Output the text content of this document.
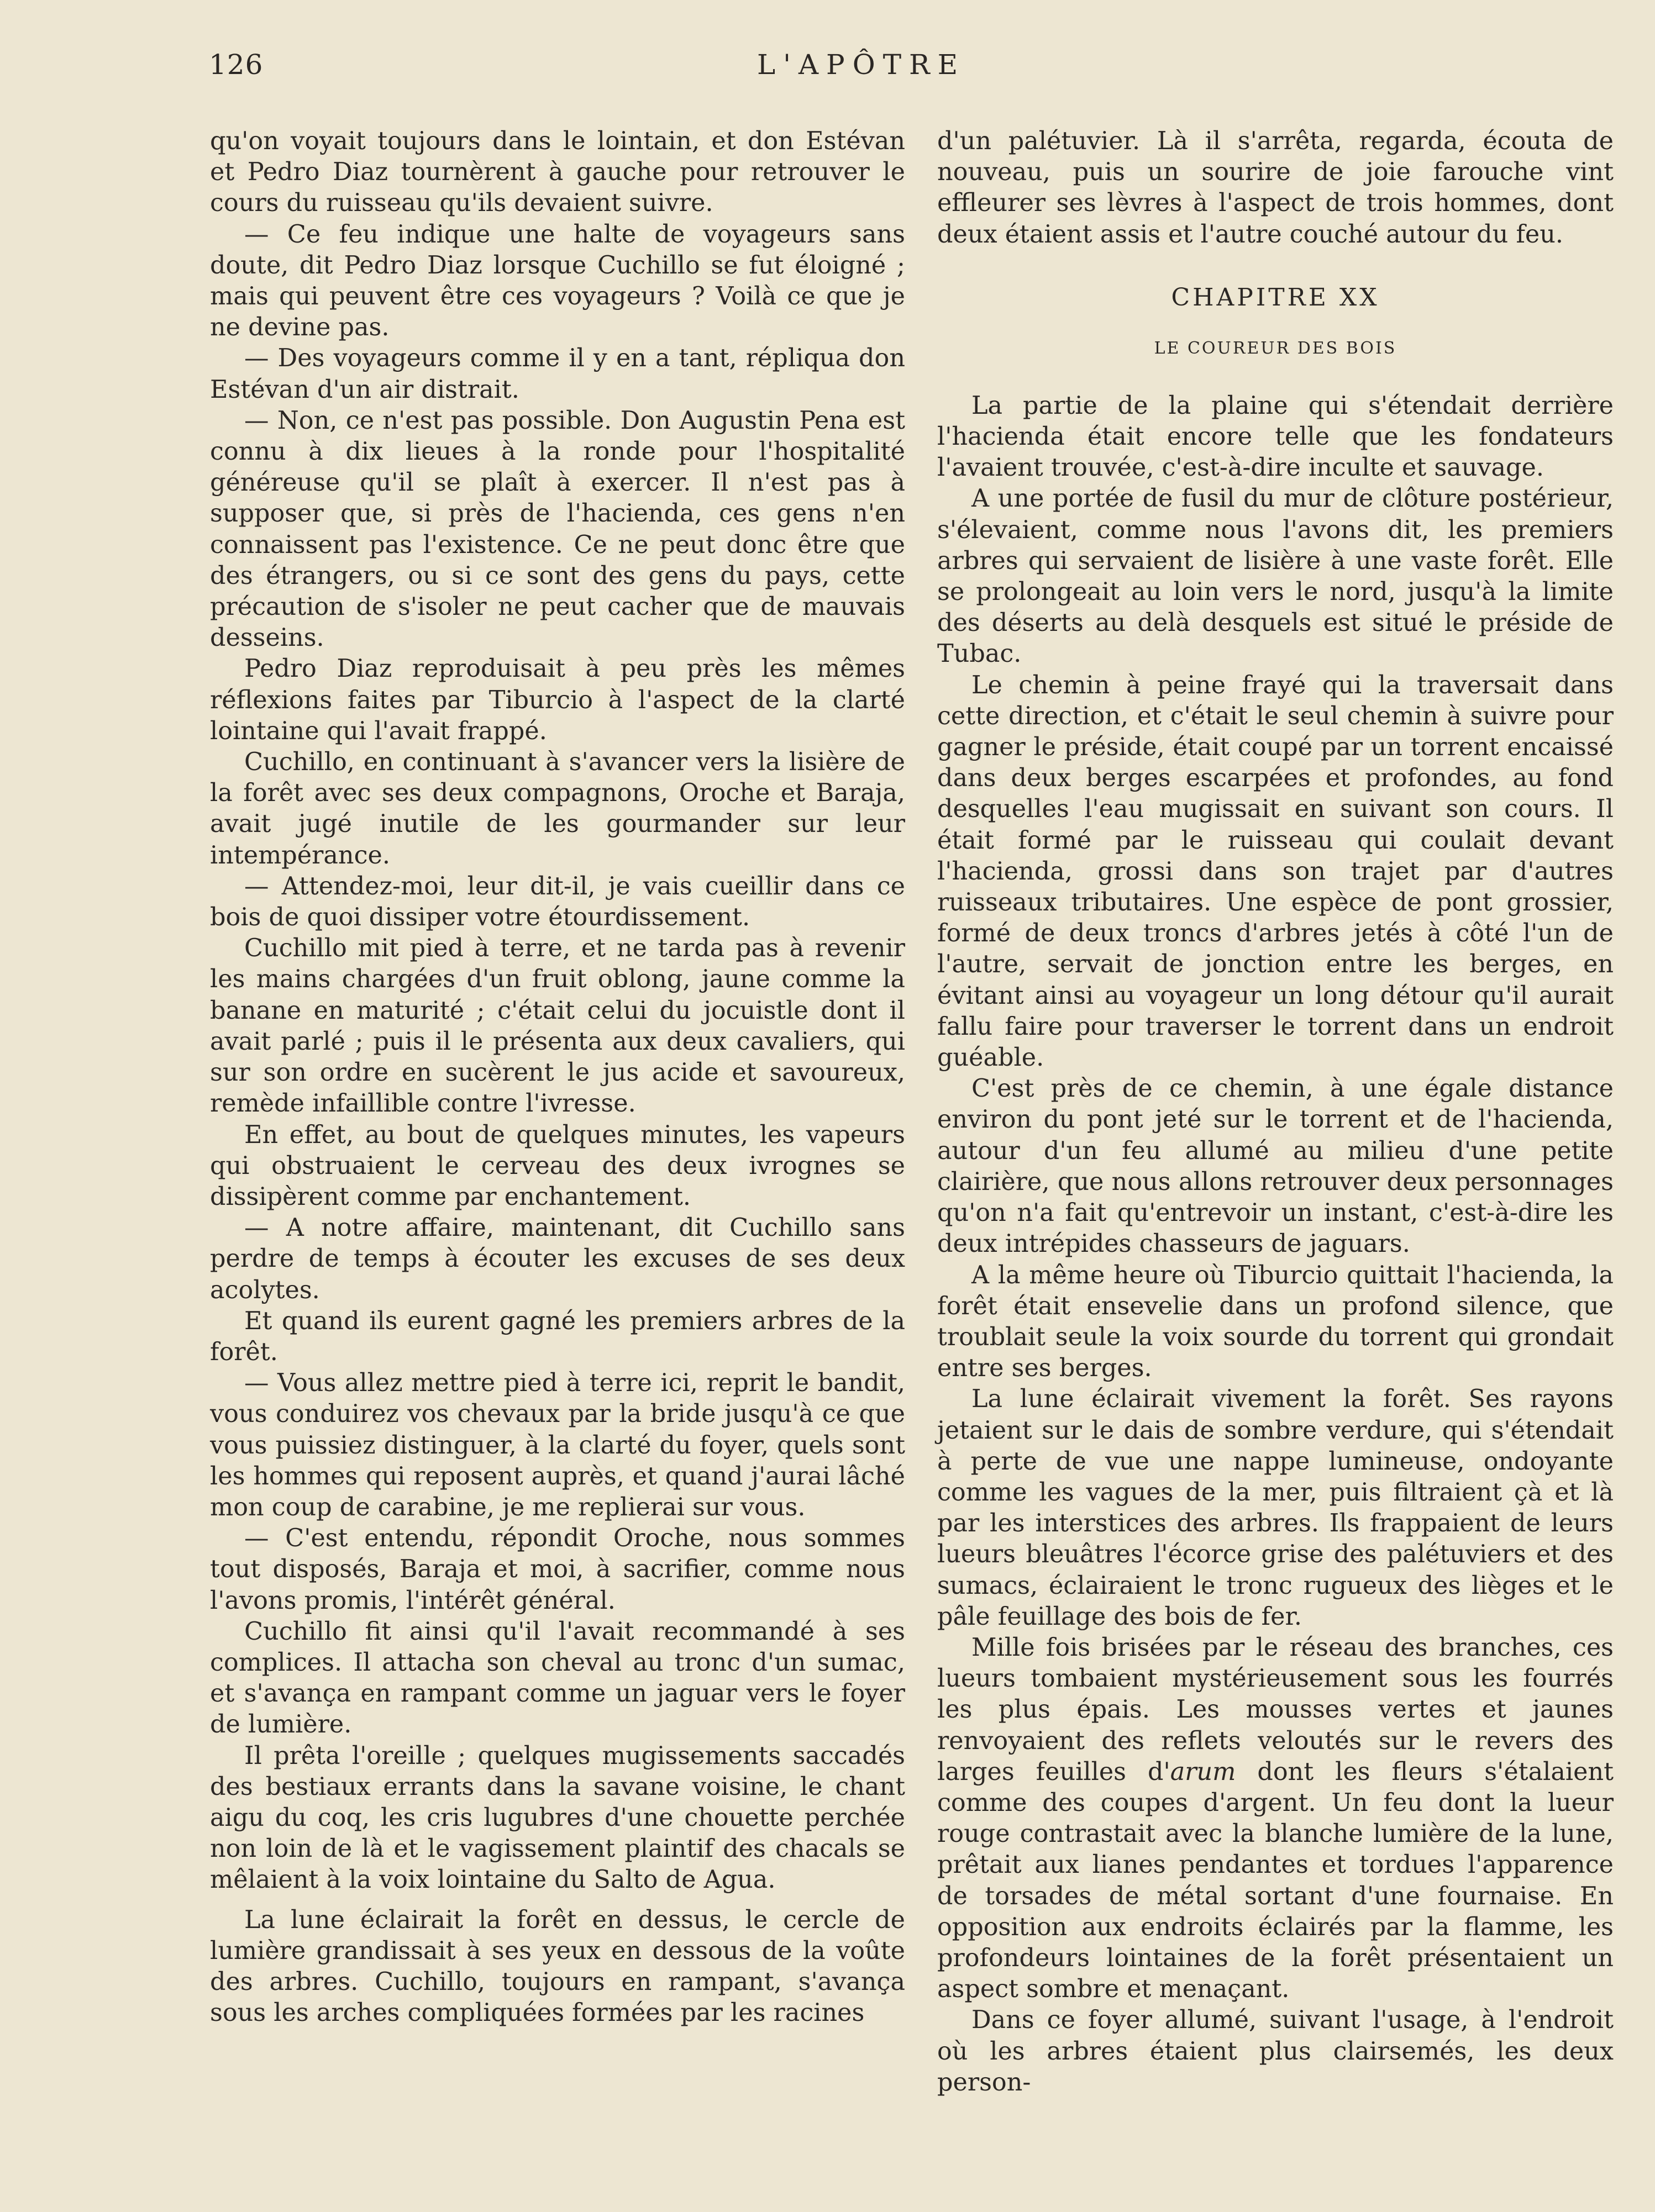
126	L'APÔTRE

qu'on voyait toujours dans le lointain, et don Estévan et Pedro Diaz tournèrent à gauche pour retrouver le cours du ruisseau qu'ils devaient suivre.

— Ce feu indique une halte de voyageurs sans doute, dit Pedro Diaz lorsque Cuchillo se fut éloigné ; mais qui peuvent être ces voyageurs ? Voilà ce que je ne devine pas.

— Des voyageurs comme il y en a tant, répliqua don Estévan d'un air distrait.

— Non, ce n'est pas possible. Don Augustin Pena est connu à dix lieues à la ronde pour l'hospitalité généreuse qu'il se plaît à exercer. Il n'est pas à supposer que, si près de l'hacienda, ces gens n'en connaissent pas l'existence. Ce ne peut donc être que des étrangers, ou si ce sont des gens du pays, cette précaution de s'isoler ne peut cacher que de mauvais desseins.

Pedro Diaz reproduisait à peu près les mêmes réflexions faites par Tiburcio à l'aspect de la clarté lointaine qui l'avait frappé.

Cuchillo, en continuant à s'avancer vers la lisière de la forêt avec ses deux compagnons, Oroche et Baraja, avait jugé inutile de les gourmander sur leur intempérance.

— Attendez-moi, leur dit-il, je vais cueillir dans ce bois de quoi dissiper votre étourdissement.

Cuchillo mit pied à terre, et ne tarda pas à revenir les mains chargées d'un fruit oblong, jaune comme la banane en maturité ; c'était celui du jocuistle dont il avait parlé ; puis il le présenta aux deux cavaliers, qui sur son ordre en sucèrent le jus acide et savoureux, remède infaillible contre l'ivresse.

En effet, au bout de quelques minutes, les vapeurs qui obstruaient le cerveau des deux ivrognes se dissipèrent comme par enchantement.

— A notre affaire, maintenant, dit Cuchillo sans perdre de temps à écouter les excuses de ses deux acolytes.

Et quand ils eurent gagné les premiers arbres de la forêt.

— Vous allez mettre pied à terre ici, reprit le bandit, vous conduirez vos chevaux par la bride jusqu'à ce que vous puissiez distinguer, à la clarté du foyer, quels sont les hommes qui reposent auprès, et quand j'aurai lâché mon coup de carabine, je me replierai sur vous.

— C'est entendu, répondit Oroche, nous sommes tout disposés, Baraja et moi, à sacrifier, comme nous l'avons promis, l'intérêt général.

Cuchillo fit ainsi qu'il l'avait recommandé à ses complices. Il attacha son cheval au tronc d'un sumac, et s'avança en rampant comme un jaguar vers le foyer de lumière.

Il prêta l'oreille ; quelques mugissements saccadés des bestiaux errants dans la savane voisine, le chant aigu du coq, les cris lugubres d'une chouette perchée non loin de là et le vagissement plaintif des chacals se mêlaient à la voix lointaine du Salto de Agua.

La lune éclairait la forêt en dessus, le cercle de lumière grandissait à ses yeux en dessous de la voûte des arbres. Cuchillo, toujours en rampant, s'avança sous les arches compliquées formées par les racines

d'un palétuvier. Là il s'arrêta, regarda, écouta de nouveau, puis un sourire de joie farouche vint effleurer ses lèvres à l'aspect de trois hommes, dont deux étaient assis et l'autre couché autour du feu.

CHAPITRE XX
LE COUREUR DES BOIS

La partie de la plaine qui s'étendait derrière l'hacienda était encore telle que les fondateurs l'avaient trouvée, c'est-à-dire inculte et sauvage.

A une portée de fusil du mur de clôture postérieur, s'élevaient, comme nous l'avons dit, les premiers arbres qui servaient de lisière à une vaste forêt. Elle se prolongeait au loin vers le nord, jusqu'à la limite des déserts au delà desquels est situé le préside de Tubac.

Le chemin à peine frayé qui la traversait dans cette direction, et c'était le seul chemin à suivre pour gagner le préside, était coupé par un torrent encaissé dans deux berges escarpées et profondes, au fond desquelles l'eau mugissait en suivant son cours. Il était formé par le ruisseau qui coulait devant l'hacienda, grossi dans son trajet par d'autres ruisseaux tributaires. Une espèce de pont grossier, formé de deux troncs d'arbres jetés à côté l'un de l'autre, servait de jonction entre les berges, en évitant ainsi au voyageur un long détour qu'il aurait fallu faire pour traverser le torrent dans un endroit guéable.

C'est près de ce chemin, à une égale distance environ du pont jeté sur le torrent et de l'hacienda, autour d'un feu allumé au milieu d'une petite clairière, que nous allons retrouver deux personnages qu'on n'a fait qu'entrevoir un instant, c'est-à-dire les deux intrépides chasseurs de jaguars.

A la même heure où Tiburcio quittait l'hacienda, la forêt était ensevelie dans un profond silence, que troublait seule la voix sourde du torrent qui grondait entre ses berges.

La lune éclairait vivement la forêt. Ses rayons jetaient sur le dais de sombre verdure, qui s'étendait à perte de vue une nappe lumineuse, ondoyante comme les vagues de la mer, puis filtraient çà et là par les interstices des arbres. Ils frappaient de leurs lueurs bleuâtres l'écorce grise des palétuviers et des sumacs, éclairaient le tronc rugueux des lièges et le pâle feuillage des bois de fer.

Mille fois brisées par le réseau des branches, ces lueurs tombaient mystérieusement sous les fourrés les plus épais. Les mousses vertes et jaunes renvoyaient des reflets veloutés sur le revers des larges feuilles d'arum dont les fleurs s'étalaient comme des coupes d'argent. Un feu dont la lueur rouge contrastait avec la blanche lumière de la lune, prêtait aux lianes pendantes et tordues l'apparence de torsades de métal sortant d'une fournaise. En opposition aux endroits éclairés par la flamme, les profondeurs lointaines de la forêt présentaient un aspect sombre et menaçant.

Dans ce foyer allumé, suivant l'usage, à l'endroit où les arbres étaient plus clairsemés, les deux person-
